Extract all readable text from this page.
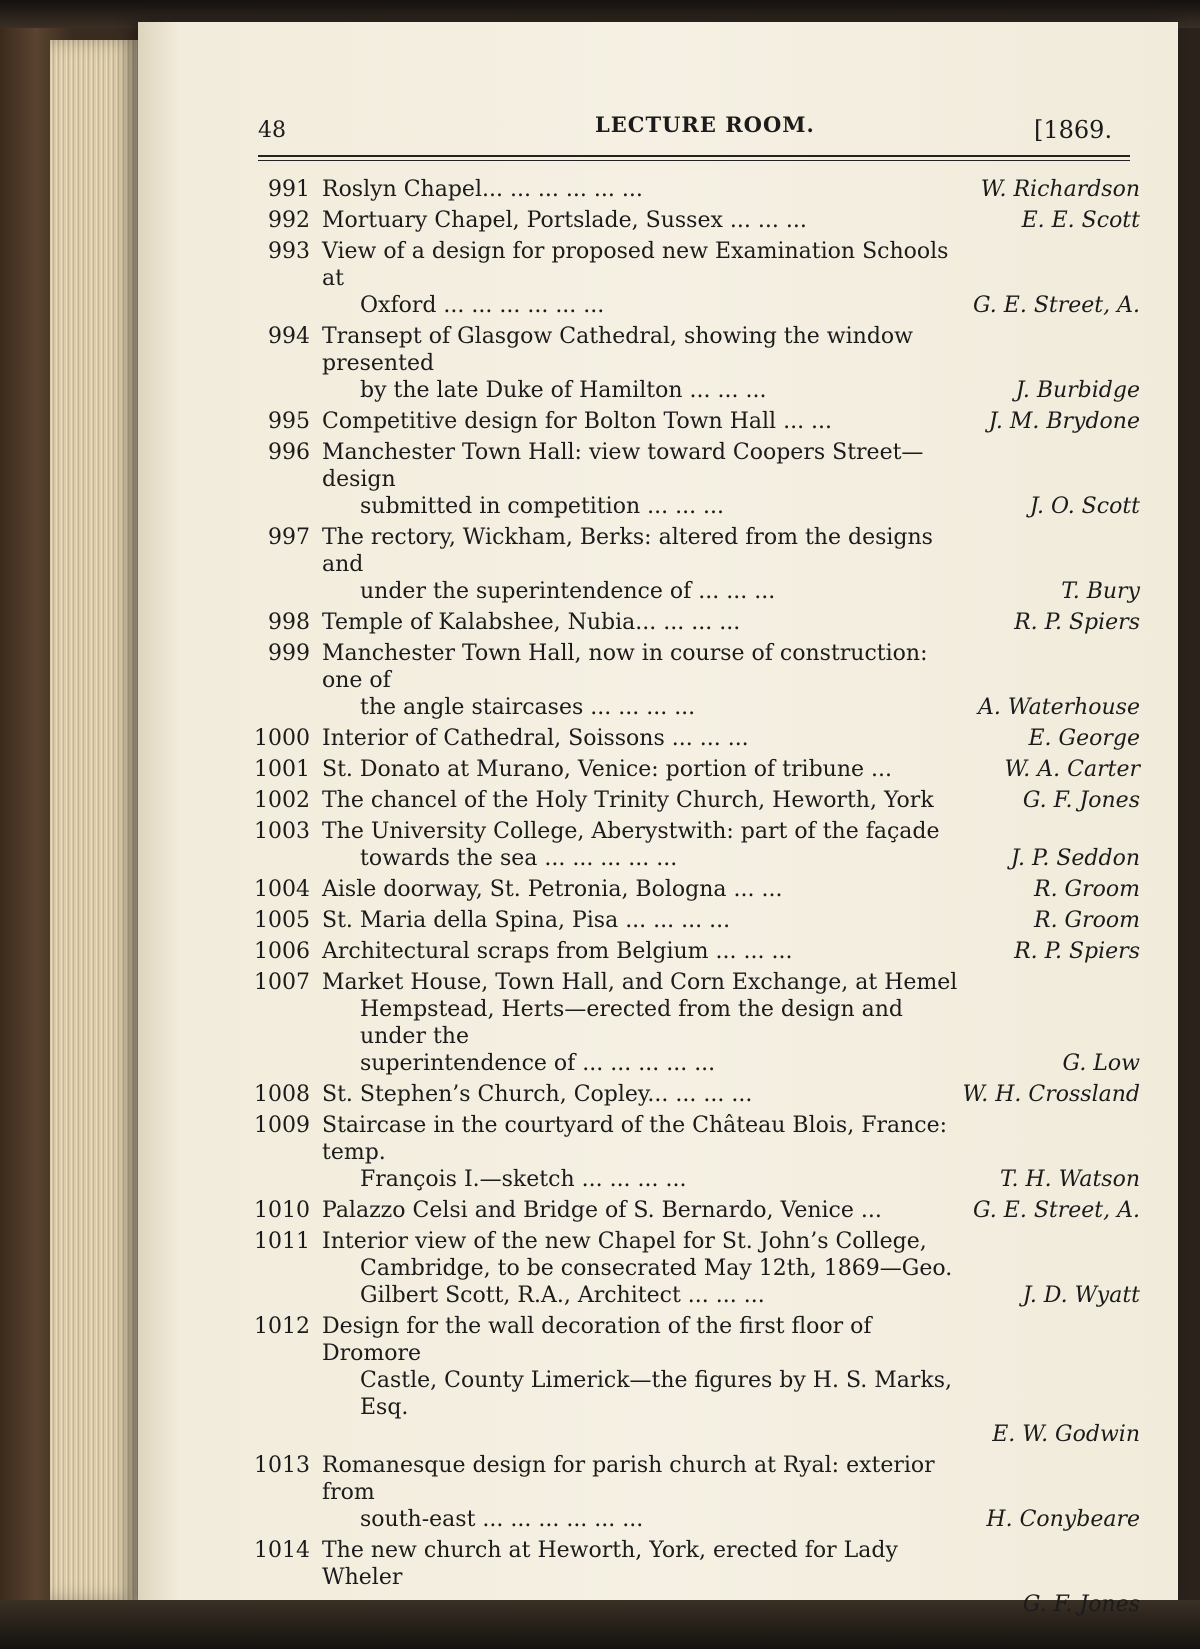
48	LECTURE ROOM.	[1869.
991 Roslyn Chapel... ... ... ... ... ...	W. Richardson
992 Mortuary Chapel, Portslade, Sussex ... ... ...	E. E. Scott
993 View of a design for proposed new Examination Schools at
Oxford ... ... ... ... ... ...	G. E. Street, A.
994 Transept of Glasgow Cathedral, showing the window presented
by the late Duke of Hamilton ... ... ...	J. Burbidge
995 Competitive design for Bolton Town Hall ... ...	J. M. Brydone
996 Manchester Town Hall: view toward Coopers Street—design
submitted in competition ... ... ...	J. O. Scott
997 The rectory, Wickham, Berks: altered from the designs and
under the superintendence of ... ... ...	T. Bury
998 Temple of Kalabshee, Nubia... ... ... ...	R. P. Spiers
999 Manchester Town Hall, now in course of construction: one of
the angle staircases ... ... ... ...	A. Waterhouse
1000 Interior of Cathedral, Soissons ... ... ...	E. George
1001 St. Donato at Murano, Venice: portion of tribune ...	W. A. Carter
1002 The chancel of the Holy Trinity Church, Heworth, York	G. F. Jones
1003 The University College, Aberystwith: part of the façade
towards the sea ... ... ... ... ...	J. P. Seddon
1004 Aisle doorway, St. Petronia, Bologna ... ...	R. Groom
1005 St. Maria della Spina, Pisa ... ... ... ...	R. Groom
1006 Architectural scraps from Belgium ... ... ...	R. P. Spiers
1007 Market House, Town Hall, and Corn Exchange, at Hemel
Hempstead, Herts—erected from the design and under the
superintendence of ... ... ... ... ...	G. Low
1008 St. Stephen’s Church, Copley... ... ... ...	W. H. Crossland
1009 Staircase in the courtyard of the Château Blois, France: temp.
François I.—sketch ... ... ... ...	T. H. Watson
1010 Palazzo Celsi and Bridge of S. Bernardo, Venice ...	G. E. Street, A.
1011 Interior view of the new Chapel for St. John’s College,
Cambridge, to be consecrated May 12th, 1869—Geo.
Gilbert Scott, R.A., Architect ... ... ...	J. D. Wyatt
1012 Design for the wall decoration of the first floor of Dromore
Castle, County Limerick—the figures by H. S. Marks, Esq.
E. W. Godwin
1013 Romanesque design for parish church at Ryal: exterior from
south-east ... ... ... ... ... ...	H. Conybeare
1014 The new church at Heworth, York, erected for Lady Wheler
G. F. Jones
